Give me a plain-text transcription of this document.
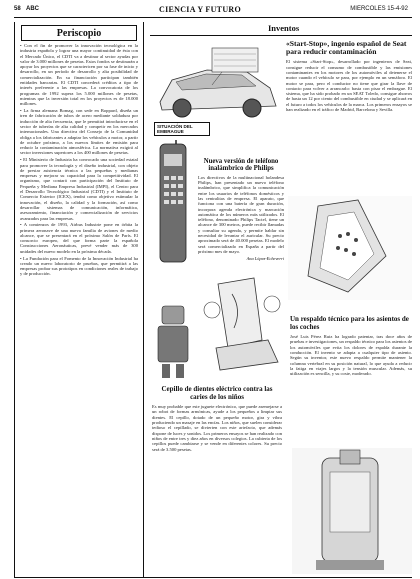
58 ABC	CIENCIA Y FUTURO	MIERCOLES 15-4-92
Periscopio

• Con el fin de promover la innovación tecnológica en la industria española y lograr una mayor continuidad de ésta con el Mercado Único, el CDTI va a destinar al sector ayudas por valor de 3.000 millones de pesetas. Estos fondos se destinarán a apoyar los proyectos que se caractericen por su fase de inicio y desarrollo, en un período de desarrollo y alta posibilidad de comercialización. En su financiación participan también entidades bancarias. El CDTI concederá créditos a tipo de interés preferente a las empresas. La convocatoria de los programas de 1992 supera los 5.000 millones de pesetas, mientras que la inversión total en los proyectos es de 18.000 millones.

• La firma alemana Bomag, con sede en Boppard, diseña un tren de fabricación de tubos de acero mediante soldadura por inducción de alta frecuencia, que le permitirá introducirse en el sector de tuberías de alta calidad y competir en los mercados internacionales. Una directiva del Consejo de la Comunidad obliga a los fabricantes a adaptar los vehículos a motor, a partir de octubre próximo, a los nuevos límites de emisión para reducir la contaminación atmosférica. La normativa exigirá al sector inversiones superiores a los 400 millones de pesetas.

• El Ministerio de Industria ha convocado una sociedad estatal para promover la tecnología y el diseño industrial, con objeto de prestar asistencia técnica a las pequeñas y medianas empresas y mejorar su capacidad para la competitividad. El organismo, que contará con participación del Instituto de Pequeña y Mediana Empresa Industrial (IMPI), el Centro para el Desarrollo Tecnológico Industrial (CDTI) y el Instituto de Comercio Exterior (ICEX), tendrá como objetivo estimular la innovación, el diseño, la calidad y la formación, así como desarrollar sistemas de comunicación, informática, asesoramiento, financiación y comercialización de servicios avanzados para las empresas.

• A comienzos de 1993, Airbus Industrie pone en órbita la primera aeronave de una nueva familia de aviones de medio alcance, que se presentará en el próximo Salón de París. El consorcio europeo, del que forma parte la española Construcciones Aeronáuticas, prevé vender más de 300 unidades del nuevo modelo en la próxima década.

• La Fundación para el Fomento de la Innovación Industrial ha creado un nuevo laboratorio de pruebas, que permitirá a las empresas probar sus prototipos en condiciones reales de trabajo y de producción.

Inventos
SITUACIÓN DEL EMBRAGUE
«Start-Stop», ingenio español de Seat para reducir contaminación

El sistema «Start-Stop», desarrollado por ingenieros de Seat, consigue reducir el consumo de combustible y las emisiones contaminantes en los motores de los automóviles al detenerse el motor cuando el vehículo se para, por ejemplo en un semáforo. El motor se para, pero el conductor no tiene que girar la llave de contacto para volver a arrancarlo: basta con pisar el embrague. El sistema, que ha sido probado en un SEAT Toledo, consigue ahorros de hasta un 12 por ciento del combustible en ciudad y se aplicará en el futuro a todos los vehículos de la marca. Los primeros ensayos se han realizado en el tráfico de Madrid, Barcelona y Sevilla.

Nueva versión de teléfono inalámbrico de Philips

Los directivos de la multinacional holandesa Philips, han presentado un nuevo teléfono inalámbrico, que simplifica la comunicación entre los usuarios de teléfonos domésticos y las centralitas de empresa. El aparato, que funciona con una batería de gran duración, incorpora agenda electrónica y marcación automática de los números más utilizados. El teléfono, denominado Philips Tactel, tiene un alcance de 300 metros, puede recibir llamadas y consultar su agenda, y permite hablar sin necesidad de levantar el auricular. Su precio aproximado será de 40.000 pesetas. El modelo será comercializado en España a partir del próximo mes de mayo.

Ana López-Echeverri
Un respaldo técnico para los asientos de los coches

José Luis Pérez Ruiz ha logrado patentar, tras doce años de pruebas e investigaciones, un respaldo técnico para los asientos de los automóviles que evita los dolores de espalda durante la conducción. El invento se adapta a cualquier tipo de asiento. Según su inventor, este nuevo respaldo permite mantener la columna vertebral en su posición natural, lo que ayuda a reducir la fatiga en viajes largos y la tensión muscular. Además, su utilización es sencilla, y su coste, moderado.

Cepillo de dientes eléctrico contra las caries de los niños

Es muy probable que este juguete electrónico, que puede asemejarse a un robot de formas armónicas, ayude a los pequeños a limpiar sus dientes. El cepillo, dotado de un pequeño motor, gira y vibra produciendo un masaje en las encías. Los niños, que suelen considerar tedioso el cepillado, se divierten con este artefacto, que además dispone de luces y sonidos. Los primeros ensayos se han realizado con niños de entre tres y diez años en diversos colegios. La cubierta de los cepillos puede cambiarse y se vende en diferentes colores. Su precio será de 3.500 pesetas.
